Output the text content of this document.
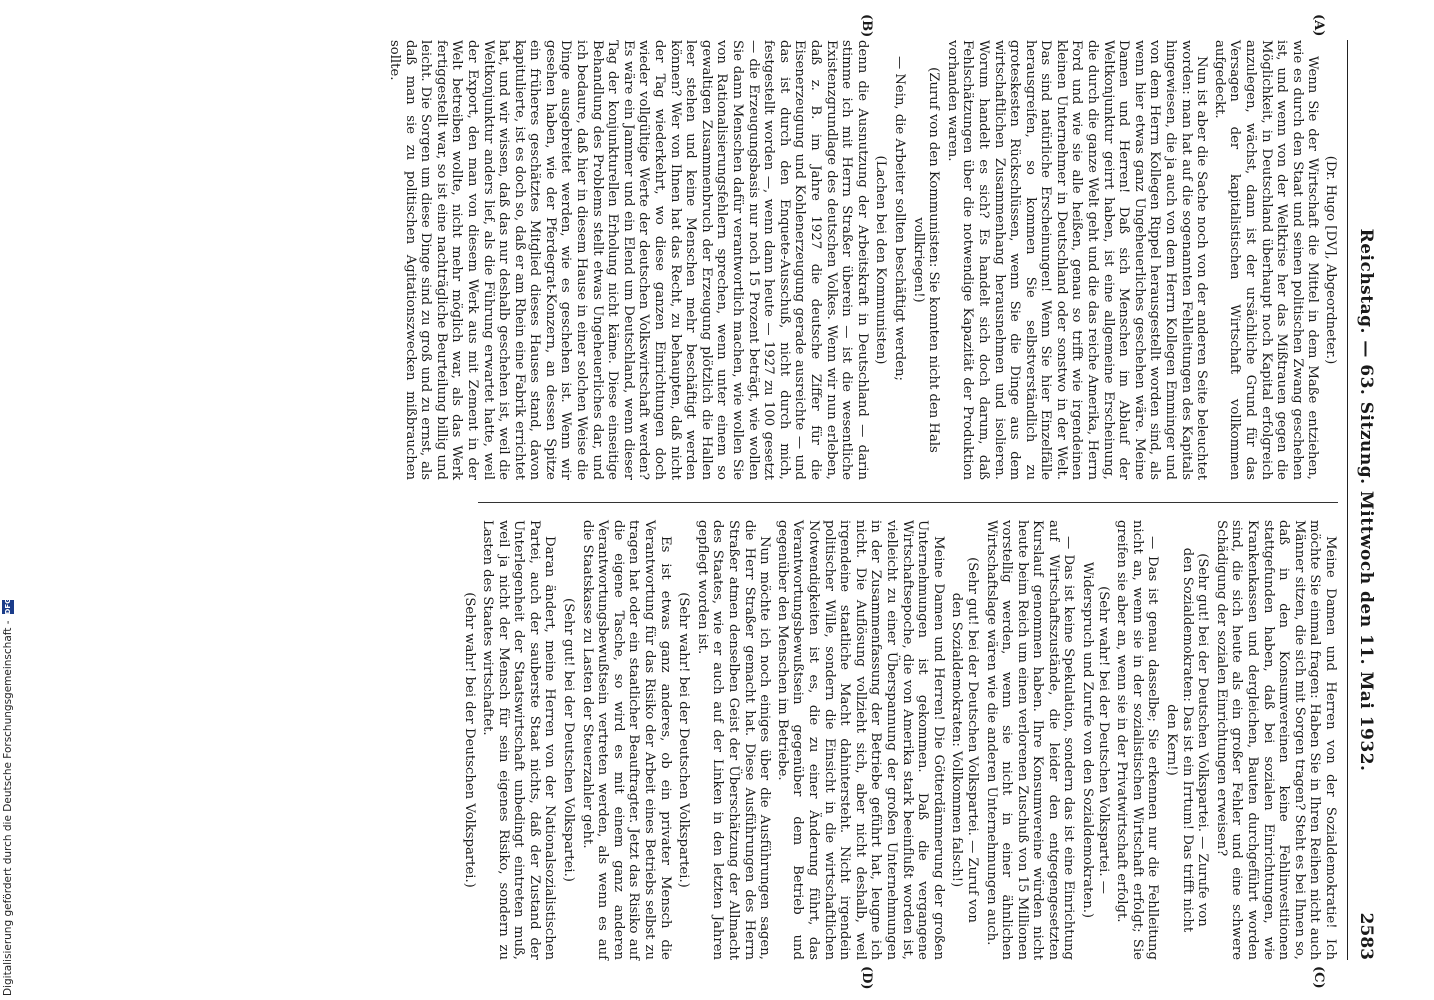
Reichstag. — 63. Sitzung. Mittwoch den 11. Mai 1932.
2583
(A)
(B)
(C)
(D)

(Dr. Hugo [DV], Abgeordneter.)

Wenn Sie der Wirtschaft die Mittel in dem Maße entziehen, wie es durch den Staat und seinen politischen Zwang geschehen ist, und wenn von der Weltkrise her das Mißtrauen gegen die Möglichkeit, in Deutschland überhaupt noch Kapital erfolgreich anzulegen, wächst, dann ist der ursächliche Grund für das Versagen der kapitalistischen Wirtschaft vollkommen aufgedeckt.

Nun ist aber die Sache noch von der anderen Seite beleuchtet worden: man hat auf die sogenannten Fehlleitungen des Kapitals hingewiesen, die ja auch von dem Herrn Kollegen Emminger und von dem Herrn Kollegen Rippel herausgestellt worden sind, als wenn hier etwas ganz Ungeheuerliches geschehen wäre. Meine Damen und Herren! Daß sich Menschen im Ablauf der Weltkonjunktur geirrt haben, ist eine allgemeine Erscheinung, die durch die ganze Welt geht und die das reiche Amerika, Herrn Ford und wie sie alle heißen, genau so trifft wie irgendeinen kleinen Unternehmer in Deutschland oder sonstwo in der Welt. Das sind natürliche Erscheinungen! Wenn Sie hier Einzelfälle herausgreifen, so kommen Sie selbstverständlich zu groteskesten Rückschlüssen, wenn Sie die Dinge aus dem wirtschaftlichen Zusammenhang herausnehmen und isolieren. Worum handelt es sich? Es handelt sich doch darum, daß Fehlschätzungen über die notwendige Kapazität der Produktion vorhanden waren.

(Zuruf von den Kommunisten: Sie konnten nicht den Hals vollkriegen!)

— Nein, die Arbeiter sollten beschäftigt werden;

(Lachen bei den Kommunisten)

denn die Ausnutzung der Arbeitskraft in Deutschland — darin stimme ich mit Herrn Straßer überein — ist die wesentliche Existenzgrundlage des deutschen Volkes. Wenn wir nun erleben, daß z. B. im Jahre 1927 die deutsche Ziffer für die Eisenerzeugung und Kohlenerzeugung gerade ausreichte — und das ist durch den Enquete-Ausschuß, nicht durch mich, festgestellt worden —, wenn dann heute — 1927 zu 100 gesetzt — die Erzeugungsbasis nur noch 15 Prozent beträgt, wie wollen Sie dann Menschen dafür verantwortlich machen, wie wollen Sie von Rationalisierungsfehlern sprechen, wenn unter einem so gewaltigen Zusammenbruch der Erzeugung plötzlich die Hallen leer stehen und keine Menschen mehr beschäftigt werden können? Wer von Ihnen hat das Recht, zu behaupten, daß nicht der Tag wiederkehrt, wo diese ganzen Einrichtungen doch wieder vollgültige Werte der deutschen Volkswirtschaft werden? Es wäre ein Jammer und ein Elend um Deutschland, wenn dieser Tag der konjunkturellen Erholung nicht käme. Diese einseitige Behandlung des Problems stellt etwas Ungeheuerliches dar, und ich bedaure, daß hier in diesem Hause in einer solchen Weise die Dinge ausgebreitet werden, wie es geschehen ist. Wenn wir gesehen haben, wie der Pferdegrat-Konzern, an dessen Spitze ein früheres geschätztes Mitglied dieses Hauses stand, davon kapitulierte, ist es doch so, daß er am Rhein eine Fabrik errichtet hat, und wir wissen, daß das nur deshalb geschehen ist, weil die Weltkonjunktur anders lief, als die Führung erwartet hatte, weil der Export, den man von diesem Werk aus mit Zement in der Welt betreiben wollte, nicht mehr möglich war, als das Werk fertiggestellt war, so ist eine nachträgliche Beurteilung billig und leicht. Die Sorgen um diese Dinge sind zu groß und zu ernst, als daß man sie zu politischen Agitationszwecken mißbrauchen sollte.

Meine Damen und Herren von der Sozialdemokratie! Ich möchte Sie einmal fragen: Haben Sie in Ihren Reihen nicht auch Männer sitzen, die sich mit Sorgen tragen? Steht es bei Ihnen so, daß in den Konsumvereinen keine Fehlinvestitionen stattgefunden haben, daß bei sozialen Einrichtungen, wie Krankenkassen und dergleichen, Bauten durchgeführt worden sind, die sich heute als ein großer Fehler und eine schwere Schädigung der sozialen Einrichtungen erweisen?

(Sehr gut! bei der Deutschen Volkspartei. — Zurufe von den Sozialdemokraten: Das ist ein Irrtum! Das trifft nicht den Kern!)

— Das ist genau dasselbe; Sie erkennen nur die Fehlleitung nicht an, wenn sie in der sozialistischen Wirtschaft erfolgt; Sie greifen sie aber an, wenn sie in der Privatwirtschaft erfolgt.

(Sehr wahr! bei der Deutschen Volkspartei. — Widerspruch und Zurufe von den Sozialdemokraten.)

— Das ist keine Spekulation, sondern das ist eine Einrichtung auf Wirtschaftszustände, die leider den entgegengesetzten Kurslauf genommen haben. Ihre Konsumvereine würden nicht heute beim Reich um einen verlorenen Zuschuß von 15 Millionen vorstellig werden, wenn sie nicht in einer ähnlichen Wirtschaftslage wären wie die anderen Unternehmungen auch.

(Sehr gut! bei der Deutschen Volkspartei. — Zuruf von den Sozialdemokraten: Vollkommen falsch!)

Meine Damen und Herren! Die Götterdämmerung der großen Unternehmungen ist gekommen. Daß die vergangene Wirtschaftsepoche, die von Amerika stark beeinflußt worden ist, vielleicht zu einer Überspannung der großen Unternehmungen in der Zusammenfassung der Betriebe geführt hat, leugne ich nicht. Die Auflösung vollzieht sich, aber nicht deshalb, weil irgendeine staatliche Macht dahintersteht. Nicht irgendein politischer Wille, sondern die Einsicht in die wirtschaftlichen Notwendigkeiten ist es, die zu einer Änderung führt, das Verantwortungsbewußtsein gegenüber dem Betrieb und gegenüber den Menschen im Betriebe.

Nun möchte ich noch einiges über die Ausführungen sagen, die Herr Straßer gemacht hat. Diese Ausführungen des Herrn Straßer atmen denselben Geist der Überschätzung der Allmacht des Staates, wie er auch auf der Linken in den letzten Jahren gepflegt worden ist.

(Sehr wahr! bei der Deutschen Volkspartei.)

Es ist etwas ganz anderes, ob ein privater Mensch die Verantwortung für das Risiko der Arbeit eines Betriebs selbst zu tragen hat oder ein staatlicher Beauftragter. Jetzt das Risiko auf die eigene Tasche, so wird es mit einem ganz anderen Verantwortungsbewußtsein vertreten werden, als wenn es auf die Staatskasse zu Lasten der Steuerzahler geht.

(Sehr gut! bei der Deutschen Volkspartei.)

Daran ändert, meine Herren von der Nationalsozialistischen Partei, auch der sauberste Staat nichts, daß der Zustand der Unterlegenheit der Staatswirtschaft unbedingt eintreten muß, weil ja nicht der Mensch für sein eigenes Risiko, sondern zu Lasten des Staates wirtschaftet.

(Sehr wahr! bei der Deutschen Volkspartei.)

Digitalisierung gefördert durch die Deutsche Forschungsgemeinschaft -
DFG
